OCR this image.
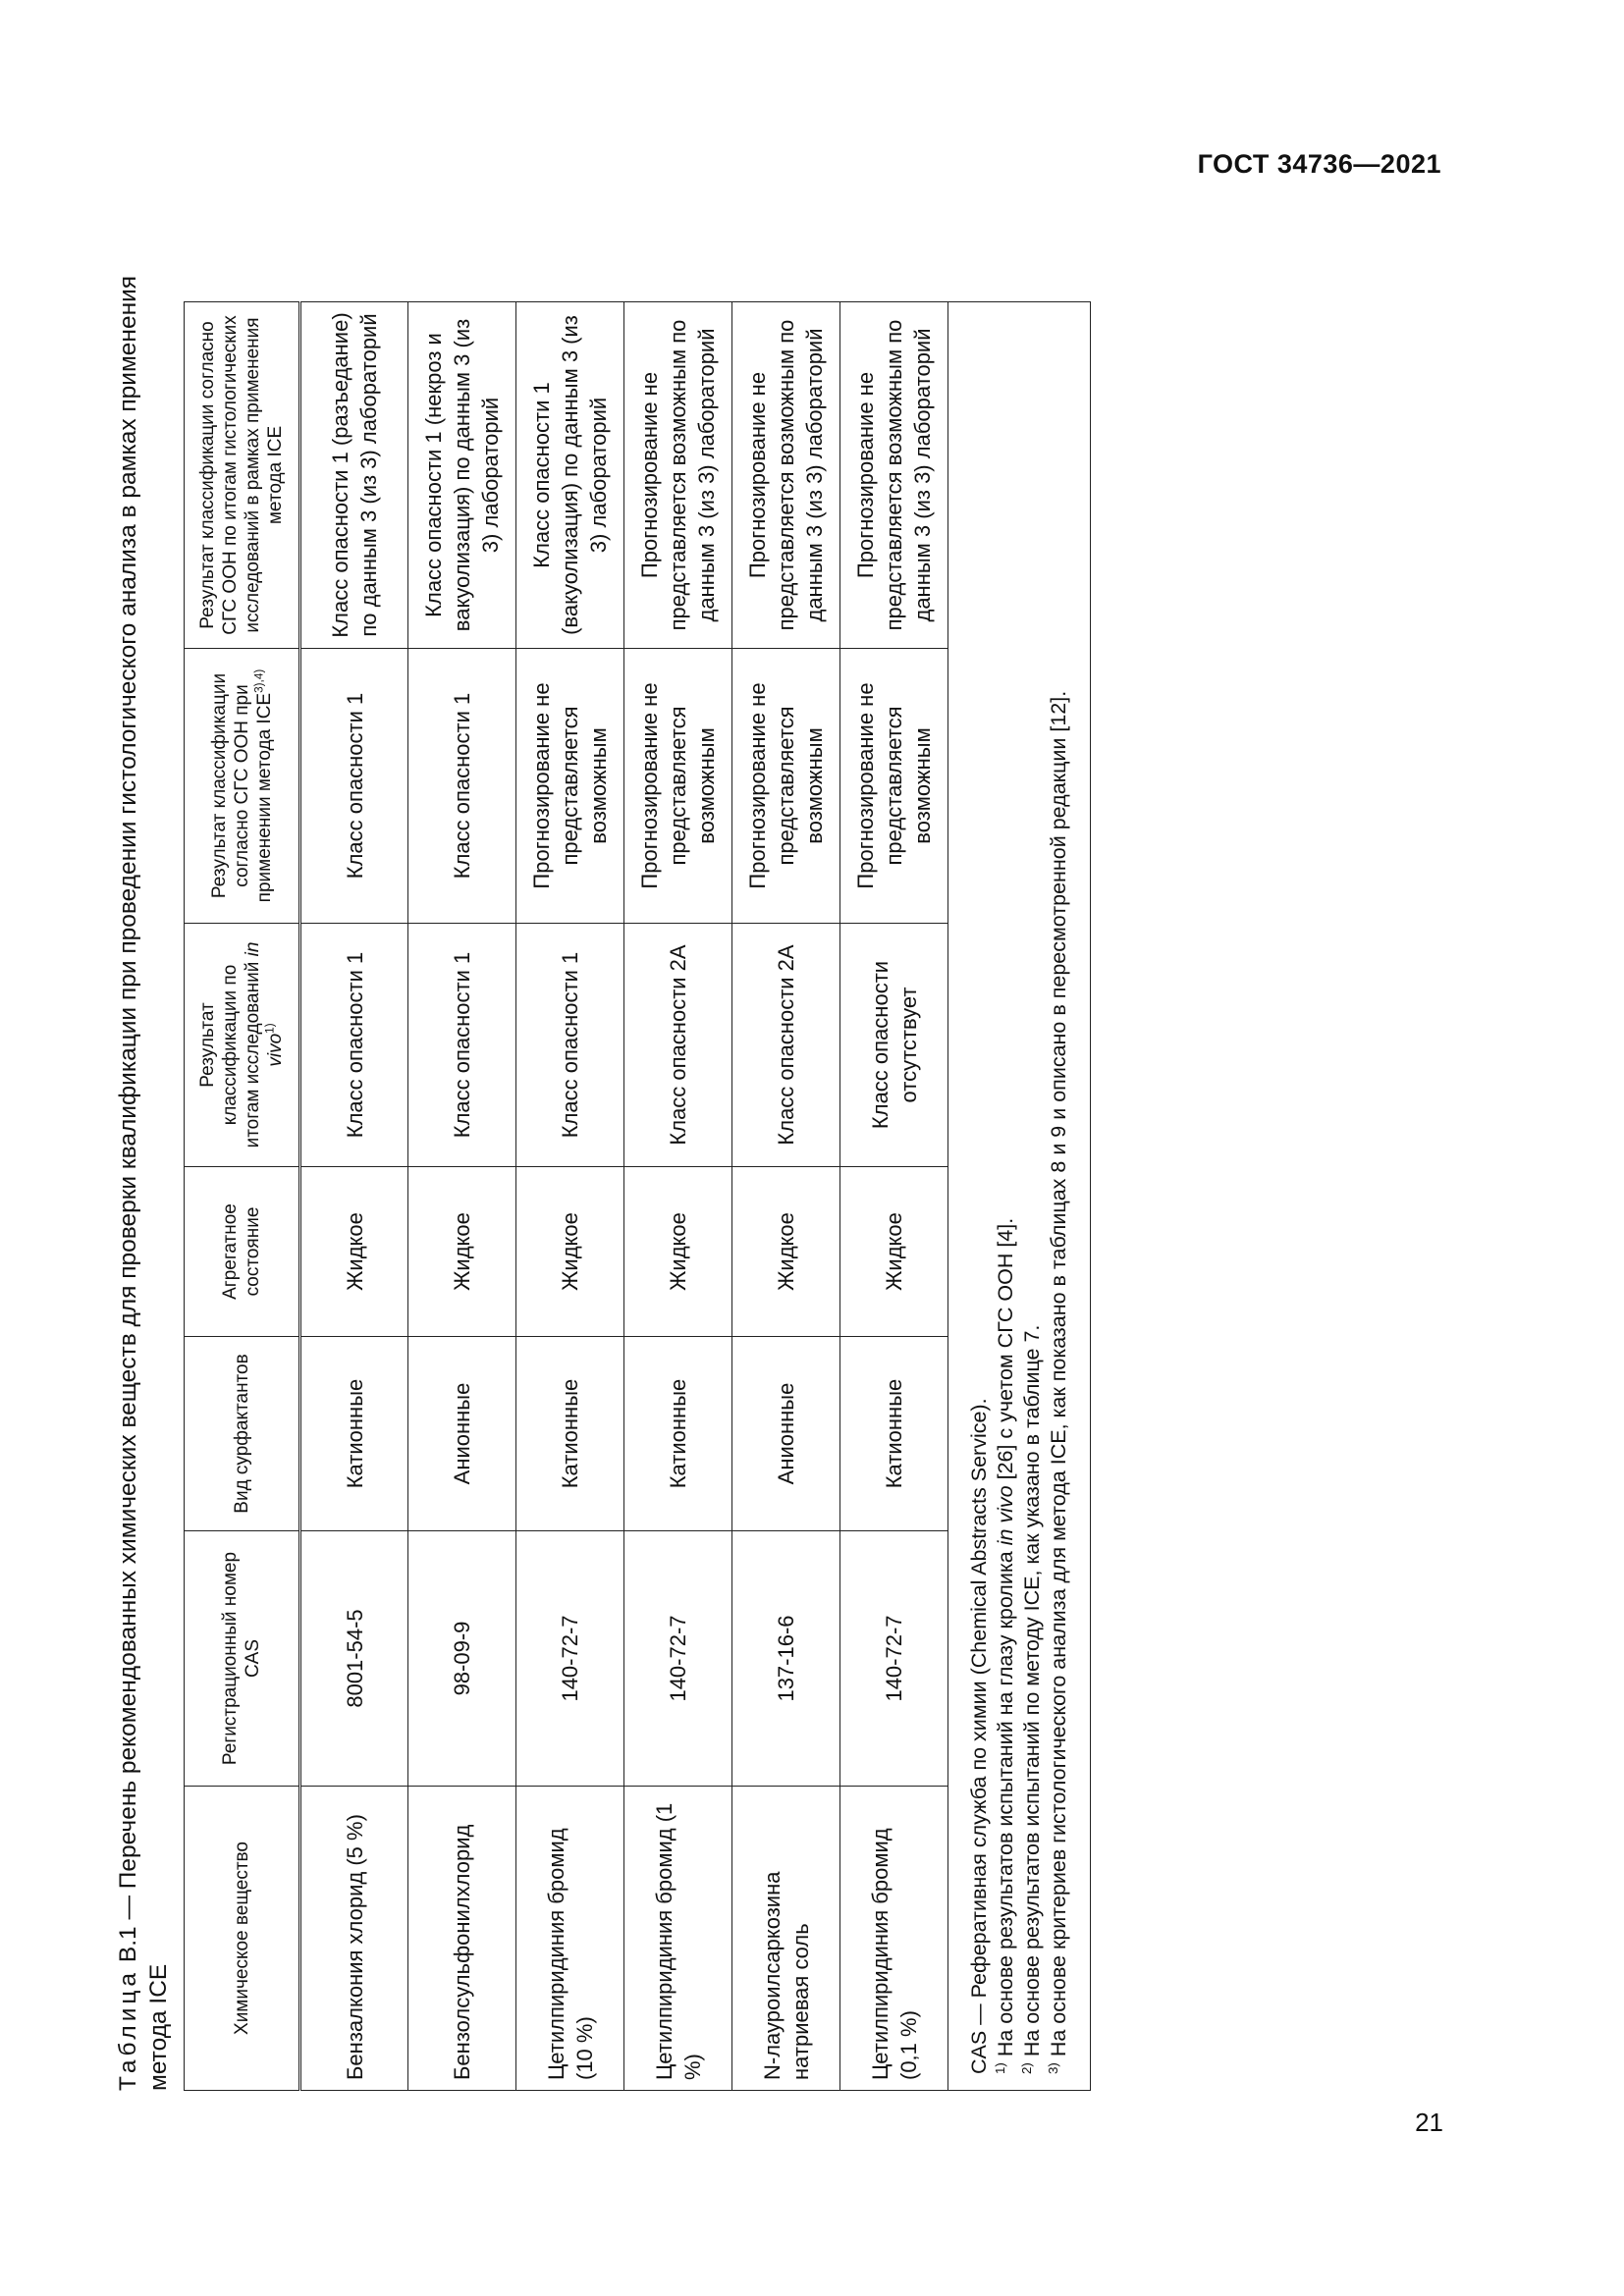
ГОСТ 34736—2021
Таблица В.1 — Перечень рекомендованных химических веществ для проверки квалификации при проведении гистологического анализа в рамках применения метода ICE	Химическое вещество	Регистрационный номер CAS	Вид сурфактантов	Агрегатное состояние	Результат классификации по итогам исследований in vivo$^{1)}$	Результат классификации согласно СГС ООН при применении метода $ICE^{3),4)}$	Результат классификации согласно СГС ООН по итогам гистологических исследований в рамках применения метода ICE
Бензалкония хлорид (5 %)	8001-54-5	Катионные	Жидкое	Класс опасности 1	Класс опасности 1	Класс опасности 1 (разъедание) по данным 3 (из 3) лабораторий
Бензолсульфонилхлорид	98-09-9	Анионные	Жидкое	Класс опасности 1	Класс опасности 1	Класс опасности 1 (некроз и вакуолизация) по данным 3 (из 3) лабораторий
Цетилпиридиния бромид (10 %)	140-72-7	Катионные	Жидкое	Класс опасности 1	Прогнозирование не представляется возможным	Класс опасности 1 (вакуолизация) по данным 3 (из 3) лабораторий
Цетилпиридиния бромид (1 %)	140-72-7	Катионные	Жидкое	Класс опасности 2А	Прогнозирование не представляется возможным	Прогнозирование не представляется возможным по данным 3 (из 3) лабораторий
N-лауроилсаркозина натриевая соль	137-16-6	Анионные	Жидкое	Класс опасности 2А	Прогнозирование не представляется возможным	Прогнозирование не представляется возможным по данным 3 (из 3) лабораторий
Цетилпиридиния бромид (0,1 %)	140-72-7	Катионные	Жидкое	Класс опасности отсутствует	Прогнозирование не представляется возможным	Прогнозирование не представляется возможным по данным 3 (из 3) лабораторий

CAS — Реферативная служба по химии (Chemical Abstracts Service). $^{1)}$ На основе результатов испытаний на глазу кролика in vivo [26] с учетом СГС ООН [4].
$^{2)}$ На основе результатов испытаний по методу ICE, как указано в таблице 7.
$^{3)}$ На основе критериев гистологического анализа для метода ICE, как показано в таблицах 8 и 9 и описано в пересмотренной редакции [12].						
21
